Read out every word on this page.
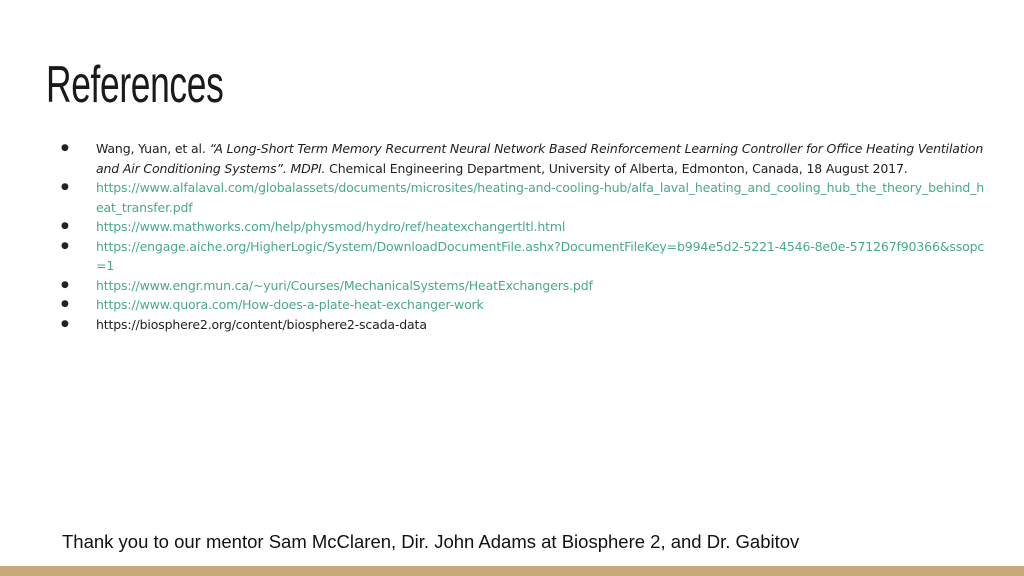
References
● Wang, Yuan, et al. “A Long-Short Term Memory Recurrent Neural Network Based Reinforcement Learning Controller for Office Heating Ventilation and Air Conditioning Systems”. MDPI. Chemical Engineering Department, University of Alberta, Edmonton, Canada, 18 August 2017.
● https://www.alfalaval.com/globalassets/documents/microsites/heating-and-cooling-hub/alfa_laval_heating_and_cooling_hub_the_theory_behind_heat_transfer.pdf
● https://www.mathworks.com/help/physmod/hydro/ref/heatexchangertltl.html
● https://engage.aiche.org/HigherLogic/System/DownloadDocumentFile.ashx?DocumentFileKey=b994e5d2-5221-4546-8e0e-571267f90366&ssopc=1
● https://www.engr.mun.ca/~yuri/Courses/MechanicalSystems/HeatExchangers.pdf
● https://www.quora.com/How-does-a-plate-heat-exchanger-work
● https://biosphere2.org/content/biosphere2-scada-data

Thank you to our mentor Sam McClaren, Dir. John Adams at Biosphere 2, and Dr. Gabitov
